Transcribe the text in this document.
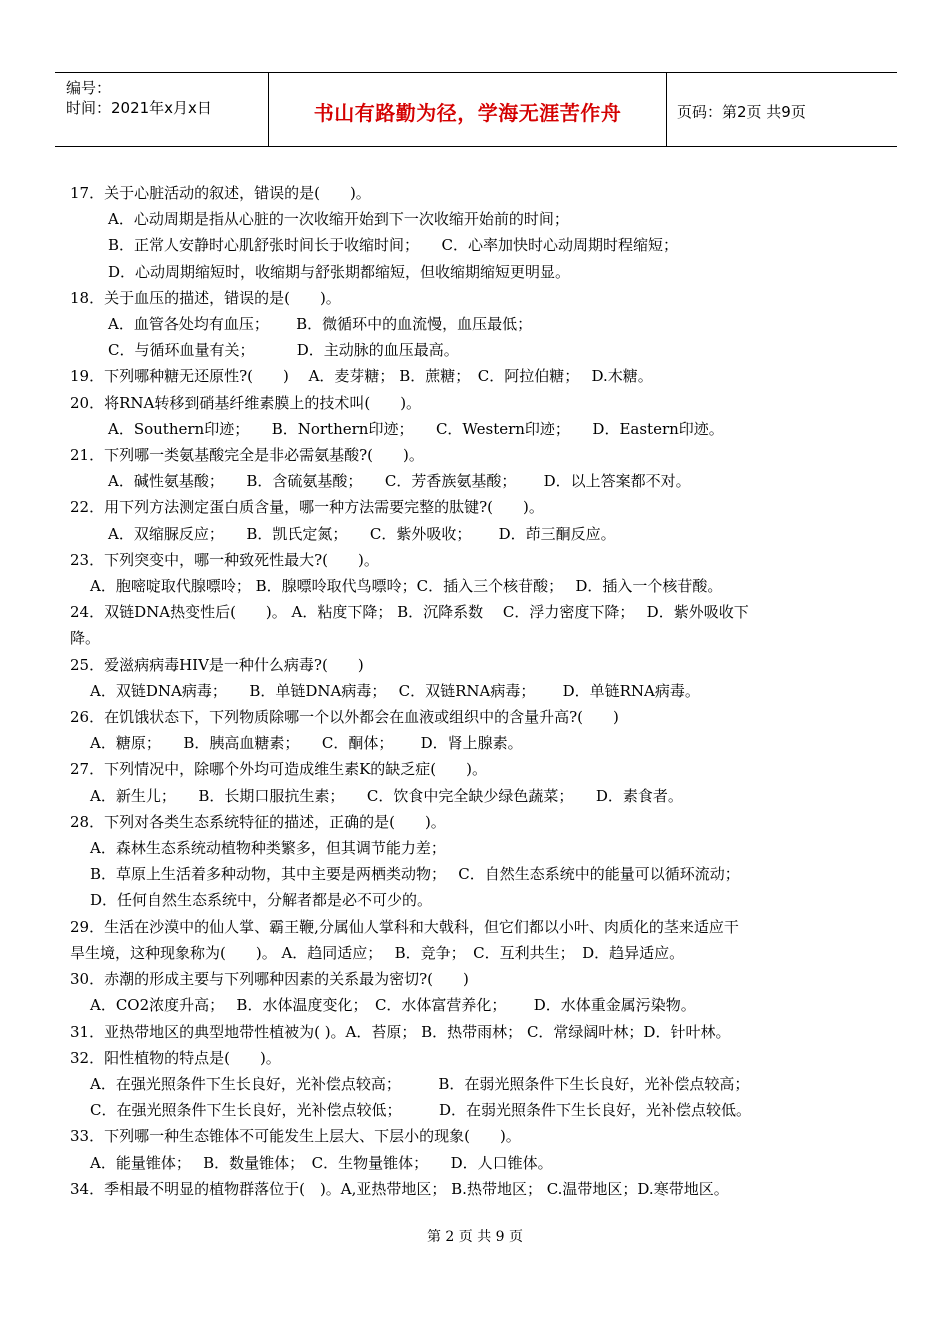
编号：
时间：2021年x月x日	书山有路勤为径，学海无涯苦作舟	页码：第2页 共9页
17．关于心脏活动的叙述，错误的是(　　)。
A．心动周期是指从心脏的一次收缩开始到下一次收缩开始前的时间；
B．正常人安静时心肌舒张时间长于收缩时间；　　C．心率加快时心动周期时程缩短；
D．心动周期缩短时，收缩期与舒张期都缩短，但收缩期缩短更明显。
18．关于血压的描述，错误的是(　　)。
A．血管各处均有血压；　　 B．微循环中的血流慢，血压最低；
C．与循环血量有关；　　　 D．主动脉的血压最高。
19．下列哪种糖无还原性?(　　)　 A．麦芽糖； B．蔗糖；　C．阿拉伯糖；　 D.木糖。
20．将RNA转移到硝基纤维素膜上的技术叫(　　)。
A．Southern印迹；　　B．Northern印迹；　　C．Western印迹；　　D．Eastern印迹。
21．下列哪一类氨基酸完全是非必需氨基酸?(　　)。
A．碱性氨基酸；　　B．含硫氨基酸；　　C．芳香族氨基酸；　　 D．以上答案都不对。
22．用下列方法测定蛋白质含量，哪一种方法需要完整的肽键?(　　)。
A．双缩脲反应；　　B．凯氏定氮；　　C．紫外吸收；　　 D．茚三酮反应。
23．下列突变中，哪一种致死性最大?(　　)。
A．胞嘧啶取代腺嘌呤； B．腺嘌呤取代鸟嘌呤；C．插入三个核苷酸；　 D．插入一个核苷酸。
24．双链DNA热变性后(　　)。 A．粘度下降； B．沉降系数　 C．浮力密度下降；　 D．紫外吸收下
降。
25．爱滋病病毒HIV是一种什么病毒?(　　)
A．双链DNA病毒；　　B．单链DNA病毒；　 C．双链RNA病毒；　　 D．单链RNA病毒。
26．在饥饿状态下，下列物质除哪一个以外都会在血液或组织中的含量升高?(　　)
A．糖原；　　B．胰高血糖素；　　C．酮体；　　 D．肾上腺素。
27．下列情况中，除哪个外均可造成维生素K的缺乏症(　　)。
A．新生儿；　　B．长期口服抗生素；　　C．饮食中完全缺少绿色蔬菜；　　D．素食者。
28．下列对各类生态系统特征的描述，正确的是(　　)。
A．森林生态系统动植物种类繁多，但其调节能力差；
B．草原上生活着多种动物，其中主要是两栖类动物；　 C．自然生态系统中的能量可以循环流动；
D．任何自然生态系统中，分解者都是必不可少的。
29．生活在沙漠中的仙人掌、霸王鞭,分属仙人掌科和大戟科，但它们都以小叶、肉质化的茎来适应干
旱生境，这种现象称为(　　)。 A．趋同适应；　 B．竞争；　C．互利共生；　D．趋异适应。
30．赤潮的形成主要与下列哪种因素的关系最为密切?(　　)
A．CO2浓度升高；　 B．水体温度变化；　C．水体富营养化；　　 D．水体重金属污染物。
31．亚热带地区的典型地带性植被为( )。A．苔原； B．热带雨林； C．常绿阔叶林；D．针叶林。
32．阳性植物的特点是(　　)。
A．在强光照条件下生长良好，光补偿点较高；　　　B．在弱光照条件下生长良好，光补偿点较高；
C．在强光照条件下生长良好，光补偿点较低；　　　D．在弱光照条件下生长良好，光补偿点较低。
33．下列哪一种生态锥体不可能发生上层大、下层小的现象(　　)。
A．能量锥体；　 B．数量锥体；　C．生物量锥体；　　D．人口锥体。
34．季相最不明显的植物群落位于(　)。A,亚热带地区； B.热带地区； C.温带地区；D.寒带地区。
第 2 页 共 9 页
